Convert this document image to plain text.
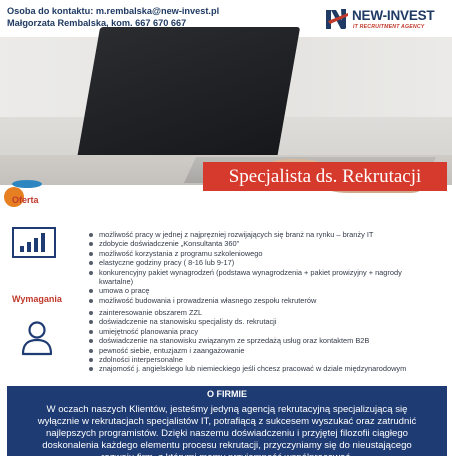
Osoba do kontaktu: m.rembalska@new-invest.pl
Małgorzata Rembalska, kom. 667 670 667	NEW-INVEST
IT RECRUITMENT AGENCY
Specjalista ds. Rekrutacji
Oferta
możliwość pracy w jednej z najpręzniej rozwijających się branż na rynku – branży IT
zdobycie doświadczenie „Konsultanta 360”
możliwość korzystania z programu szkoleniowego
elastyczne godziny pracy ( 8-16 lub 9-17)
konkurencyjny pakiet wynagrodzeń (podstawa wynagrodzenia + pakiet prowizyjny + nagrody kwartalne)
umowa o pracę
możliwość budowania i prowadzenia własnego zespołu rekruterów
Wymagania
zainteresowanie obszarem ZZL
doświadczenie na stanowisku specjalisty ds. rekrutacji
umiejętność planowania pracy
doświadczenie na stanowisku związanym ze sprzedażą usług oraz kontaktem B2B
pewność siebie, entuzjazm i zaangażowanie
zdolności interpersonalne
znajomość j. angielskiego lub niemieckiego jeśli chcesz pracować w dziale międzynarodowym
O FIRMIE
W oczach naszych Klientów, jesteśmy jedyną agencją rekrutacyjną specjalizującą się wyłącznie w rekrutacjach specjalistów IT, potrafiącą z sukcesem wyszukać oraz zatrudnić najlepszych programistów. Dzięki naszemu doświadczeniu i przyjętej filozofii ciągłego doskonalenia każdego elementu procesu rekrutacji, przyczyniamy się do nieustającego rozwoju firm, z którymi mamy przyjemność współpracować.
